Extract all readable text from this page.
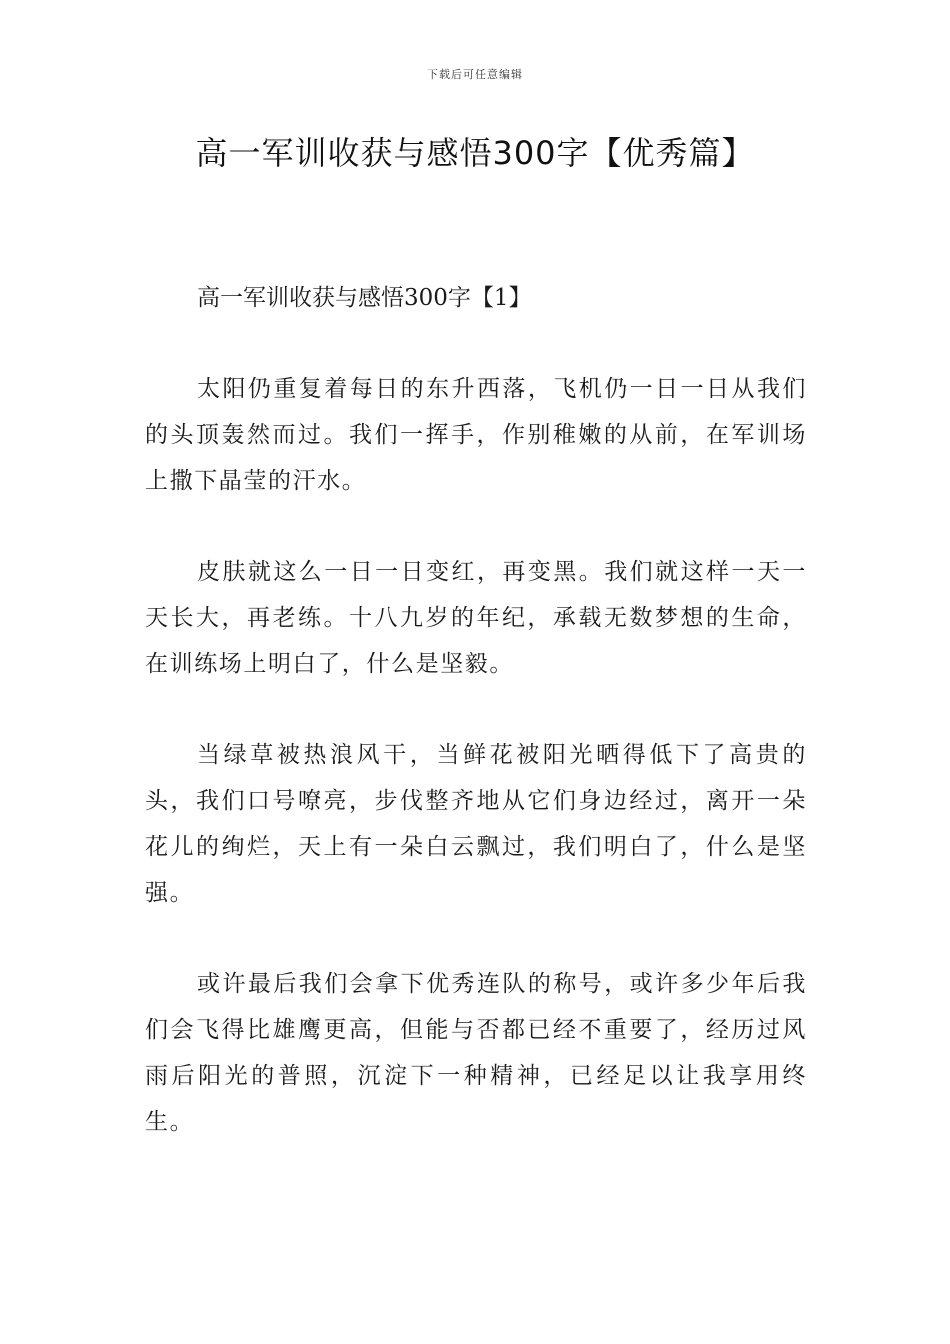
下载后可任意编辑
高一军训收获与感悟300字【优秀篇】

高一军训收获与感悟300字【1】

太阳仍重复着每日的东升西落，飞机仍一日一日从我们的头顶轰然而过。我们一挥手，作别稚嫩的从前，在军训场上撒下晶莹的汗水。

皮肤就这么一日一日变红，再变黑。我们就这样一天一天长大，再老练。十八九岁的年纪，承载无数梦想的生命，在训练场上明白了，什么是坚毅。

当绿草被热浪风干，当鲜花被阳光晒得低下了高贵的头，我们口号嘹亮，步伐整齐地从它们身边经过，离开一朵花儿的绚烂，天上有一朵白云飘过，我们明白了，什么是坚强。

或许最后我们会拿下优秀连队的称号，或许多少年后我们会飞得比雄鹰更高，但能与否都已经不重要了，经历过风雨后阳光的普照，沉淀下一种精神，已经足以让我享用终生。
